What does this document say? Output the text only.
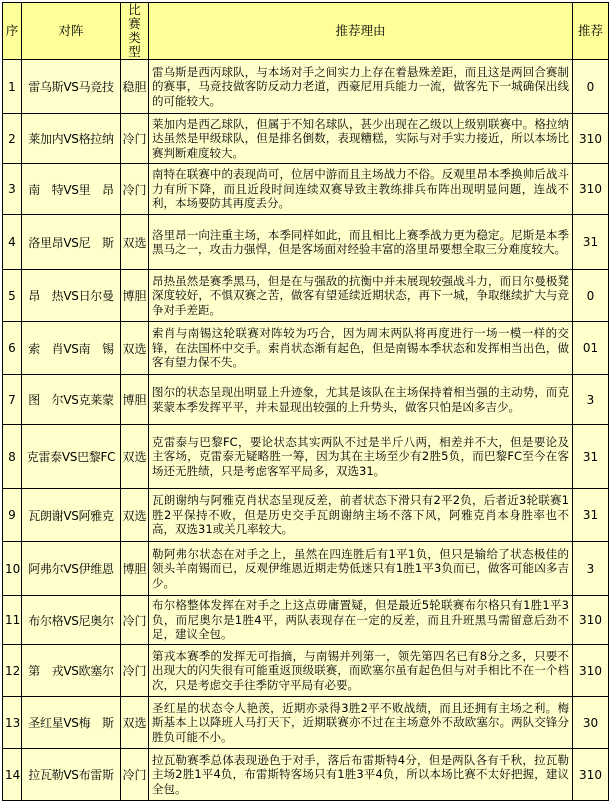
序	对阵	比赛类型	推荐理由	推荐
1	雷乌斯VS马竞技	稳胆	雷乌斯是西丙球队，与本场对手之间实力上存在着悬殊差距，而且这是两回合赛制的赛事，马竞技做客防反动力老道，西豪尼用兵能力一流，做客先下一城确保出线的可能较大。	0
2	莱加内VS格拉纳	冷门	莱加内是西乙球队，但属于不知名球队，甚少出现在乙级以上级别联赛中。格拉纳达虽然是甲级球队，但是排名倒数，表现糟糕，实际与对手实力接近，所以本场比赛判断难度较大。	310
3	南　特VS里　昂	冷门	南特在联赛中的表现尚可，位居中游而且主场战力不俗。反观里昂本季换帅后战斗力有所下降，而且近段时间连续双赛导致主教练排兵布阵出现明显问题，连战不利，本场要防其再度丢分。	310
4	洛里昂VS尼　斯	双选	洛里昂一向注重主场，本季同样如此，而且相比上赛季战力更为稳定。尼斯是本季黑马之一，攻击力强悍，但是客场面对经验丰富的洛里昂要想全取三分难度较大。	31
5	昂　热VS日尔曼	博胆	昂热虽然是赛季黑马，但是在与强敌的抗衡中并未展现较强战斗力，而日尔曼极凳深度较好，不惧双赛之苦，做客有望延续近期状态，再下一城，争取继续扩大与竞争对手差距。	0
6	索　肖VS南　锡	双选	索肖与南锡这轮联赛对阵较为巧合，因为周末两队将再度进行一场一模一样的交锋，在法国杯中交手。索肖状态渐有起色，但是南锡本季状态和发挥相当出色，做客有望力保不失。	01
7	图　尔VS克莱蒙	博胆	图尔的状态呈现出明显上升迹象，尤其是该队在主场保持着相当强的主动势，而克莱蒙本季发挥平平，并未显现出较强的上升势头，做客只怕是凶多吉少。	3
8	克雷泰VS巴黎FC	双选	克雷泰与巴黎FC，要论状态其实两队不过是半斤八两，相差并不大，但是要论及主客场，克雷泰无疑略胜一筹，因为其在主场至少有2胜5负，而巴黎FC至今在客场还无胜绩，只是考虑客军平局多，双选31。	31
9	瓦朗谢VS阿雅克	双选	瓦朗谢纳与阿雅克肖状态呈现反差，前者状态下滑只有2平2负，后者近3轮联赛1胜2平保持不败，但是历史交手瓦朗谢纳主场不落下风，阿雅克肖本身胜率也不高，双选31或关几率较大。	31
10	阿弗尔VS伊维恩	博胆	勒阿弗尔状态在对手之上，虽然在四连胜后有1平1负，但只是输给了状态极佳的领头羊南锡而已，反观伊维恩近期走势低迷只有1胜1平3负而已，做客可能凶多吉少。	3
11	布尔格VS尼奥尔	冷门	布尔格整体发挥在对手之上这点毋庸置疑，但是最近5轮联赛布尔格只有1胜1平3负，而尼奥尔是1胜4平，两队表现存在一定的反差，而且升班黑马需留意后劲不足，建议全包。	310
12	第　戎VS欧塞尔	冷门	第戎本赛季的发挥无可指摘，与南锡并列第一，领先第四名已有8分之多，只要不出现大的闪失很有可能重返顶级联赛，而欧塞尔虽有起色但与对手相比不在一个档次，只是考虑交手往季防守平局有必要。	310
13	圣红星VS梅　斯	双选	圣红星的状态令人艳羡，近期亦录得3胜2平不败战绩，而且还拥有主场之利。梅斯基本上以降班人马打天下，近期联赛亦不过在主场意外不敌欧塞尔。两队交锋分胜负可能不小。	30
14	拉瓦勒VS布雷斯	冷门	拉瓦勒赛季总体表现逊色于对手，落后布雷斯特4分，但是两队各有千秋，拉瓦勒主场2胜1平4负，布雷斯特客场只有1胜3平4负，所以本场比赛不太好把握，建议全包。	310
